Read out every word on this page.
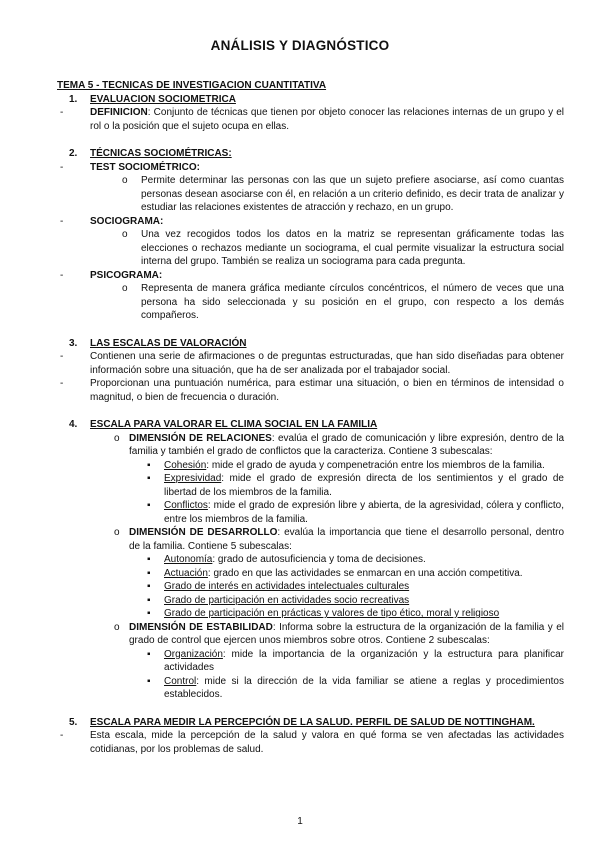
ANÁLISIS Y DIAGNÓSTICO
TEMA 5 - TECNICAS DE INVESTIGACION CUANTITATIVA
1. EVALUACION SOCIOMETRICA
-	DEFINICION: Conjunto de técnicas que tienen por objeto conocer las relaciones internas de un grupo y el rol o la posición que el sujeto ocupa en ellas.
2. TÉCNICAS SOCIOMÉTRICAS:
-	TEST SOCIOMÉTRICO:
o Permite determinar las personas con las que un sujeto prefiere asociarse, así como cuantas personas desean asociarse con él, en relación a un criterio definido, es decir trata de analizar y estudiar las relaciones existentes de atracción y rechazo, en un grupo.
-	SOCIOGRAMA:
o Una vez recogidos todos los datos en la matriz se representan gráficamente todas las elecciones o rechazos mediante un sociograma, el cual permite visualizar la estructura social interna del grupo. También se realiza un sociograma para cada pregunta.
-	PSICOGRAMA:
o Representa de manera gráfica mediante círculos concéntricos, el número de veces que una persona ha sido seleccionada y su posición en el grupo, con respecto a los demás compañeros.
3. LAS ESCALAS DE VALORACIÓN
-	Contienen una serie de afirmaciones o de preguntas estructuradas, que han sido diseñadas para obtener información sobre una situación, que ha de ser analizada por el trabajador social.
-	Proporcionan una puntuación numérica, para estimar una situación, o bien en términos de intensidad o magnitud, o bien de frecuencia o duración.
4. ESCALA PARA VALORAR EL CLIMA SOCIAL EN LA FAMILIA
o DIMENSIÓN DE RELACIONES: evalúa el grado de comunicación y libre expresión, dentro de la familia y también el grado de conflictos que la caracteriza. Contiene 3 subescalas:
▪ Cohesión: mide el grado de ayuda y compenetración entre los miembros de la familia.
▪ Expresividad: mide el grado de expresión directa de los sentimientos y el grado de libertad de los miembros de la familia.
▪ Conflictos: mide el grado de expresión libre y abierta, de la agresividad, cólera y conflicto, entre los miembros de la familia.
o DIMENSIÓN DE DESARROLLO: evalúa la importancia que tiene el desarrollo personal, dentro de la familia. Contiene 5 subescalas:
▪ Autonomía: grado de autosuficiencia y toma de decisiones.
▪ Actuación: grado en que las actividades se enmarcan en una acción competitiva.
▪ Grado de interés en actividades intelectuales culturales
▪ Grado de participación en actividades socio recreativas
▪ Grado de participación en prácticas y valores de tipo ético, moral y religioso
o DIMENSIÓN DE ESTABILIDAD: Informa sobre la estructura de la organización de la familia y el grado de control que ejercen unos miembros sobre otros. Contiene 2 subescalas:
▪ Organización: mide la importancia de la organización y la estructura para planificar actividades
▪ Control: mide si la dirección de la vida familiar se atiene a reglas y procedimientos establecidos.
5. ESCALA PARA MEDIR LA PERCEPCIÓN DE LA SALUD. PERFIL DE SALUD DE NOTTINGHAM.
-	Esta escala, mide la percepción de la salud y valora en qué forma se ven afectadas las actividades cotidianas, por los problemas de salud.
1
